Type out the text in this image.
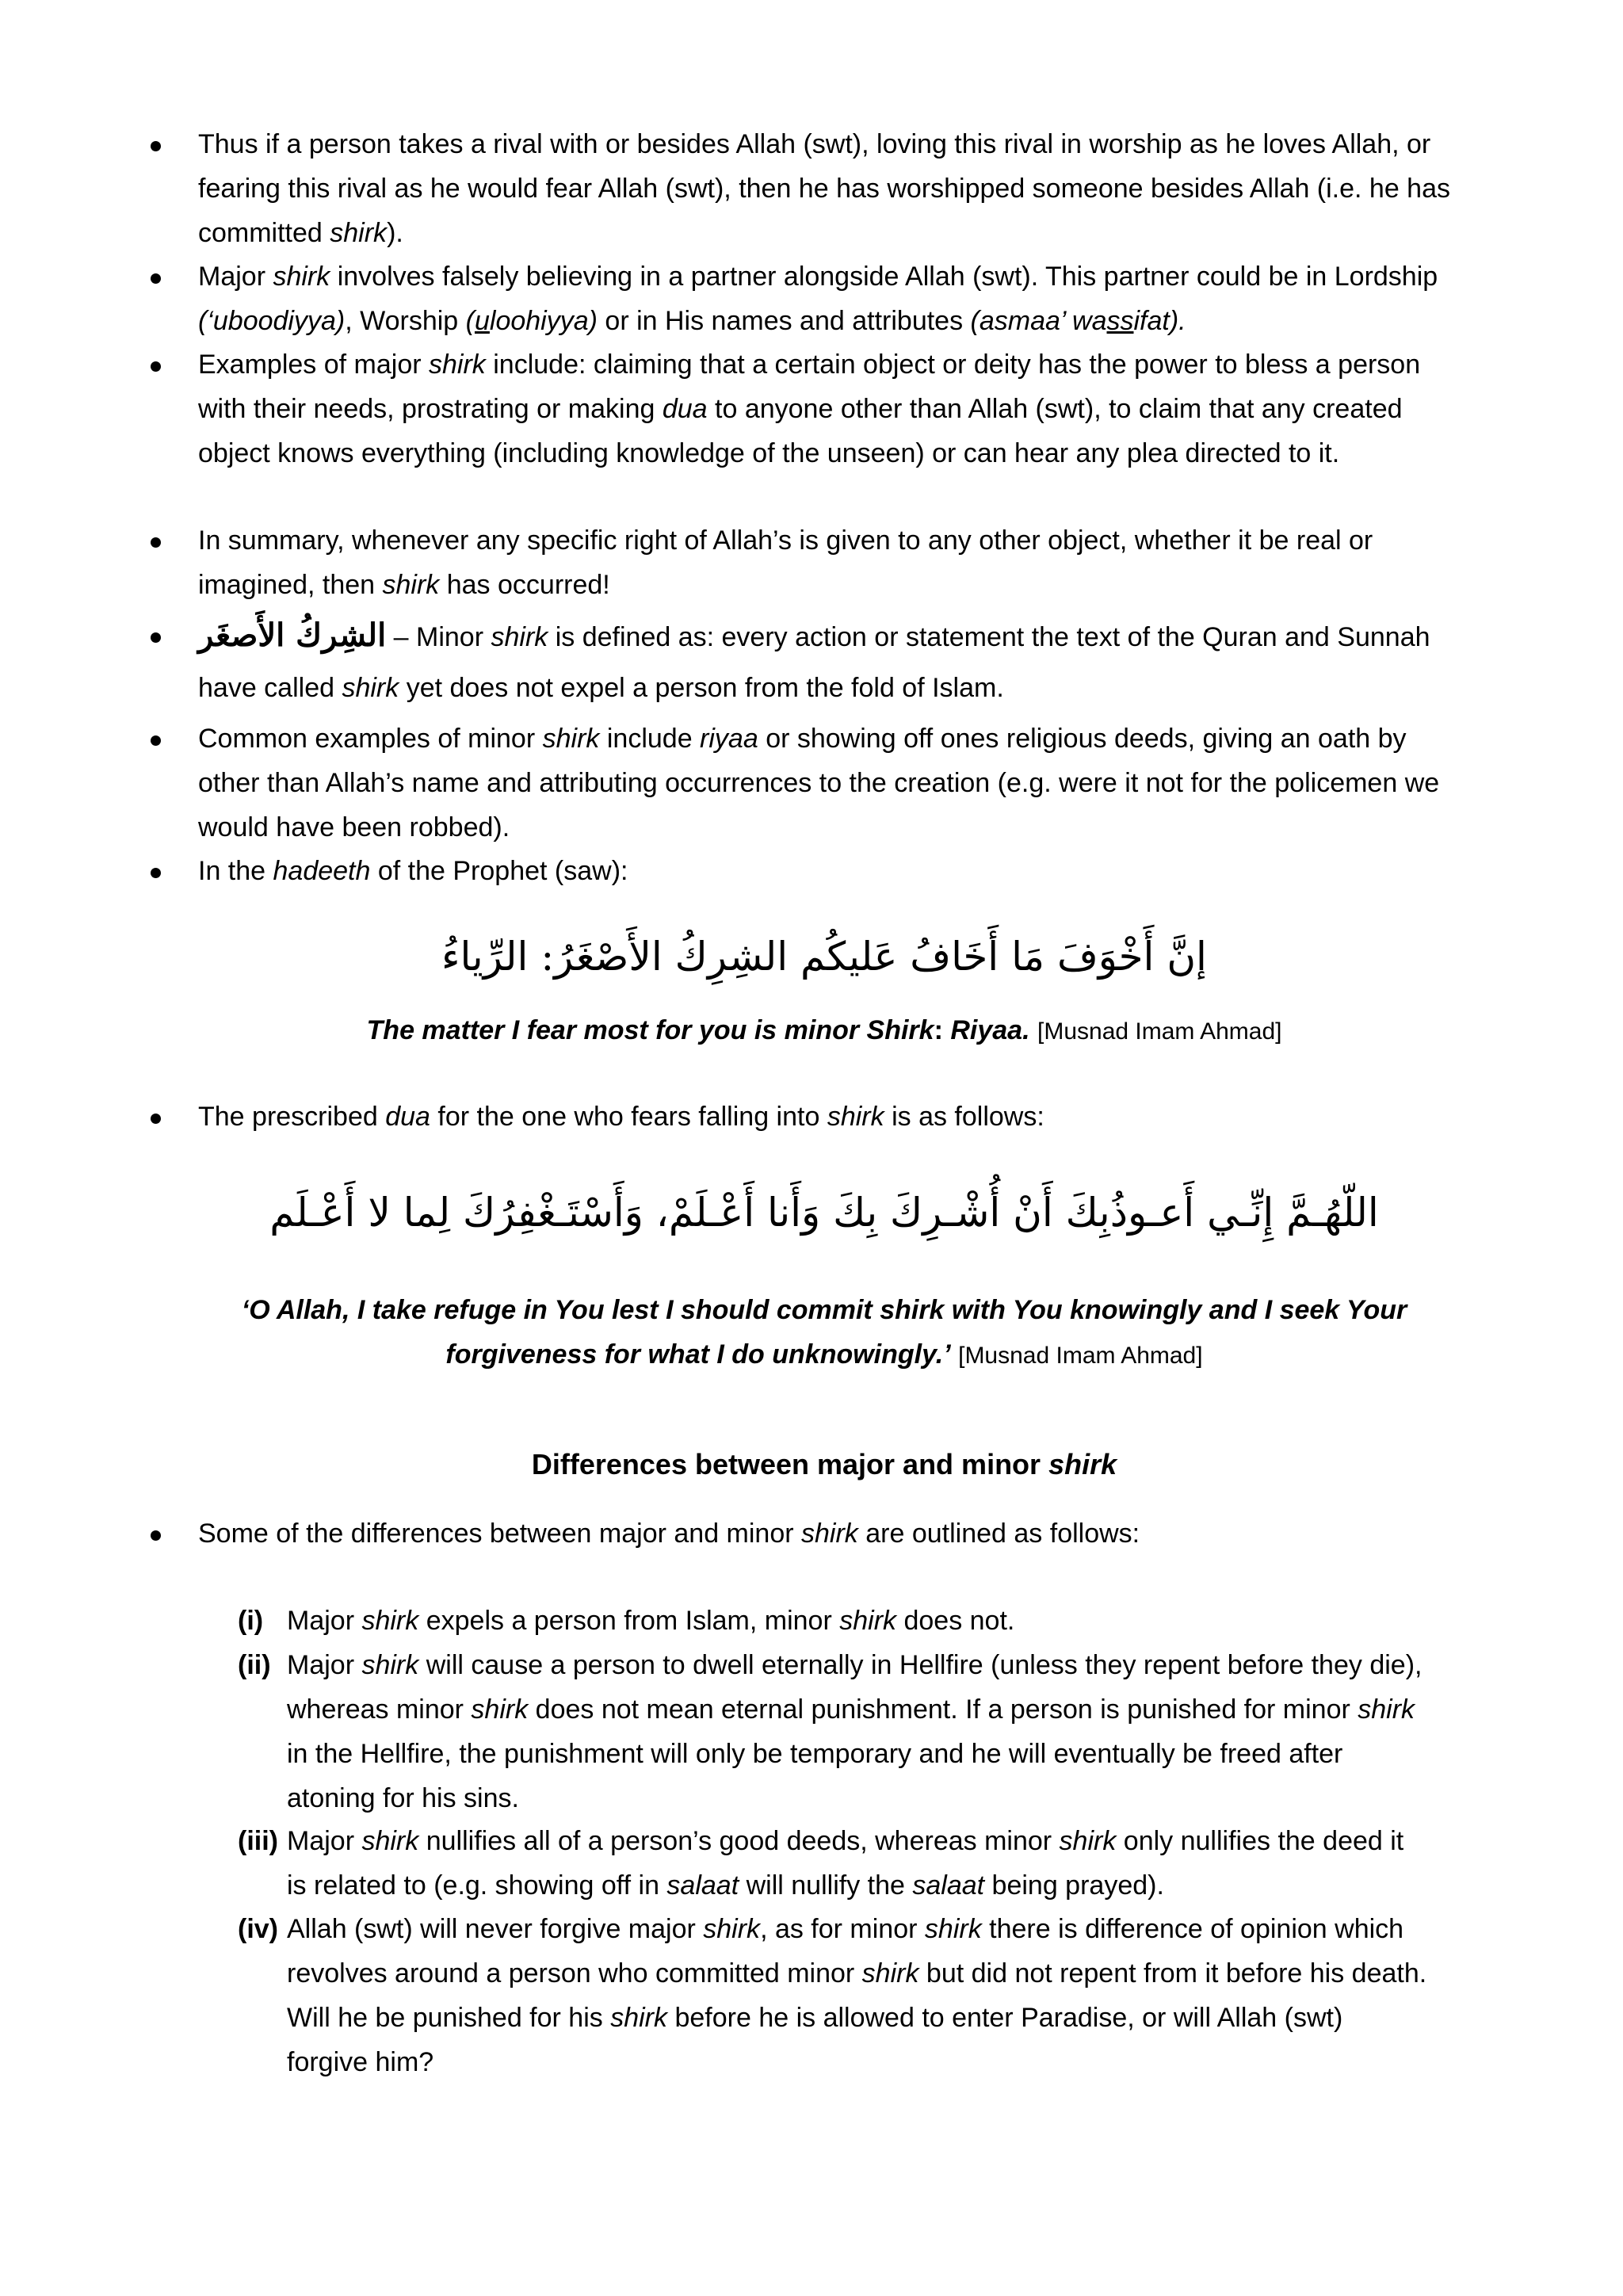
Thus if a person takes a rival with or besides Allah (swt), loving this rival in worship as he loves Allah, or fearing this rival as he would fear Allah (swt), then he has worshipped someone besides Allah (i.e. he has committed shirk).
Major shirk involves falsely believing in a partner alongside Allah (swt). This partner could be in Lordship (‘uboodiyya), Worship (uloohiyya) or in His names and attributes (asmaa’ wassifat).
Examples of major shirk include: claiming that a certain object or deity has the power to bless a person with their needs, prostrating or making dua to anyone other than Allah (swt), to claim that any created object knows everything (including knowledge of the unseen) or can hear any plea directed to it.
In summary, whenever any specific right of Allah’s is given to any other object, whether it be real or imagined, then shirk has occurred!
الشِركُ الأَصغَر – Minor shirk is defined as: every action or statement the text of the Quran and Sunnah have called shirk yet does not expel a person from the fold of Islam.
Common examples of minor shirk include riyaa or showing off ones religious deeds, giving an oath by other than Allah’s name and attributing occurrences to the creation (e.g. were it not for the policemen we would have been robbed).
In the hadeeth of the Prophet (saw):
إنَّ أَخْوَفَ مَا أَخَافُ عَليكُم الشِرِكُ الأَصْغَرُ: الرِّياءُ
The matter I fear most for you is minor Shirk: Riyaa. [Musnad Imam Ahmad]
The prescribed dua for the one who fears falling into shirk is as follows:
اللّهُـمَّ إِنِّـي أَعـوذُبِكَ أَنْ أُشْـرِكَ بِكَ وَأَنا أَعْـلَمْ، وَأَسْتَـغْفِرُكَ لِما لا أَعْـلَم
‘O Allah, I take refuge in You lest I should commit shirk with You knowingly and I seek Your forgiveness for what I do unknowingly.’ [Musnad Imam Ahmad]
Differences between major and minor shirk
Some of the differences between major and minor shirk are outlined as follows:
(i) Major shirk expels a person from Islam, minor shirk does not.
(ii) Major shirk will cause a person to dwell eternally in Hellfire (unless they repent before they die), whereas minor shirk does not mean eternal punishment. If a person is punished for minor shirk in the Hellfire, the punishment will only be temporary and he will eventually be freed after atoning for his sins.
(iii) Major shirk nullifies all of a person’s good deeds, whereas minor shirk only nullifies the deed it is related to (e.g. showing off in salaat will nullify the salaat being prayed).
(iv) Allah (swt) will never forgive major shirk, as for minor shirk there is difference of opinion which revolves around a person who committed minor shirk but did not repent from it before his death. Will he be punished for his shirk before he is allowed to enter Paradise, or will Allah (swt) forgive him?
